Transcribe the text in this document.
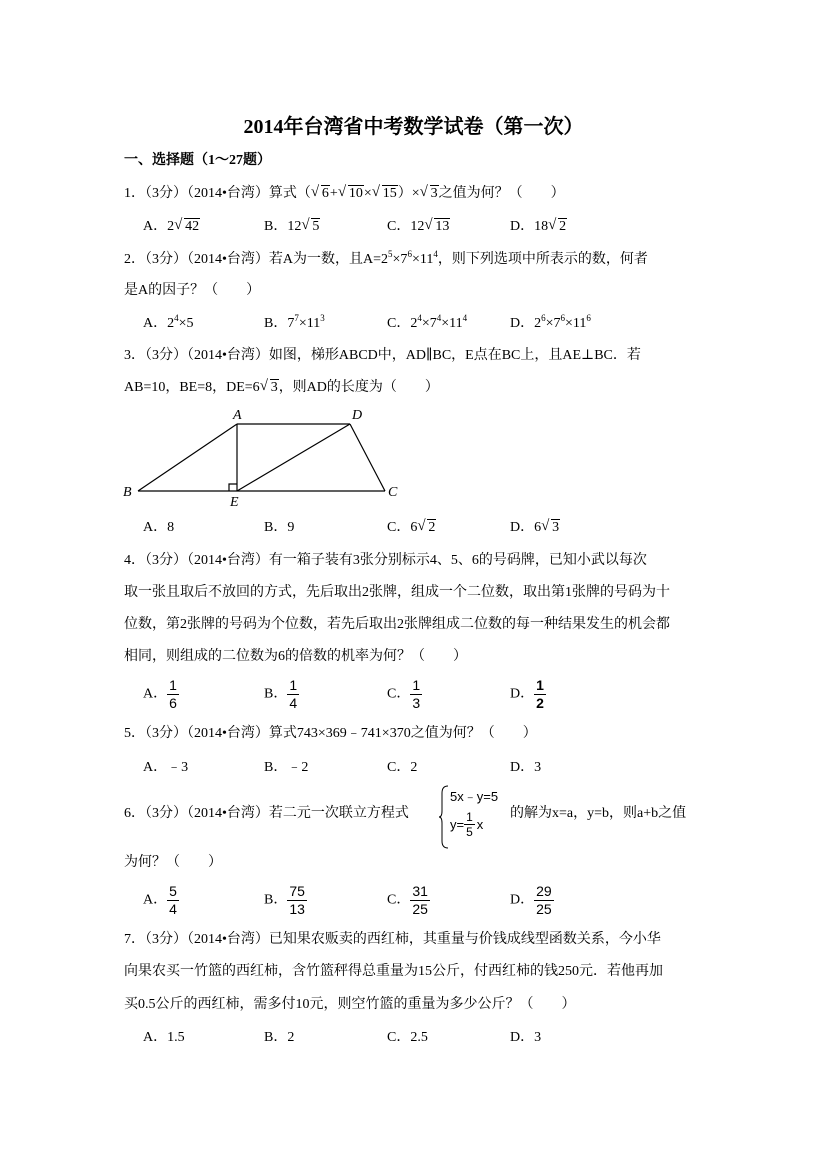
2014年台湾省中考数学试卷（第一次）
一、选择题（1～27题）
1．（3分）（2014•台湾）算式（ √ 6+ √ 10× √ 15）× √ 3之值为何？（　　）
A．2 √ 42	B．12 √ 5	C．12 √ 13	D．18 √ 2
2．（3分）（2014•台湾）若A为一数，且$A=2^5\times 7^6\times 11^4$，则下列选项中所表示的数，何者
是A的因子？（　　）
A．$2^4\times 5$	B．$7^7\times 11^3$	C．$2^4\times 7^4\times 11^4$	D．$2^6\times 7^6\times 11^6$
3．（3分）（2014•台湾）如图，梯形ABCD中，AD∥BC，E点在BC上，且AE⊥BC．若
AB=10，BE=8，DE=6 √ 3，则AD的长度为（　　）
A	D
B	C
E
A．8	B．9	C．6 √ 2	D．6 √ 3
4．（3分）（2014•台湾）有一箱子装有3张分别标示4、5、6的号码牌，已知小武以每次
取一张且取后不放回的方式，先后取出2张牌，组成一个二位数，取出第1张牌的号码为十
位数，第2张牌的号码为个位数，若先后取出2张牌组成二位数的每一种结果发生的机会都
相同，则组成的二位数为6的倍数的机率为何？（　　）
A． $\frac{1}{6}$	B． $\frac{1}{4}$	C． $\frac{1}{3}$	D． $\frac{1}{2}$
5．（3分）（2014•台湾）算式743×369﹣741×370之值为何？（　　）
A．﹣3	B．﹣2	C．2	D．3
6．（3分）（2014•台湾）若二元一次联立方程式
5x﹣y=5
$y= \frac{1}{5}$ x
的解为x=a，y=b，则a+b之值
为何？（　　）
A． $\frac{5}{4}$	B． $\frac{75}{13}$	C． $\frac{31}{25}$	D． $\frac{29}{25}$
7．（3分）（2014•台湾）已知果农贩卖的西红柿，其重量与价钱成线型函数关系，今小华
向果农买一竹篮的西红柿，含竹篮秤得总重量为15公斤，付西红柿的钱250元．若他再加
买0.5公斤的西红柿，需多付10元，则空竹篮的重量为多少公斤？（　　）
A．1.5	B．2	C．2.5	D．3
